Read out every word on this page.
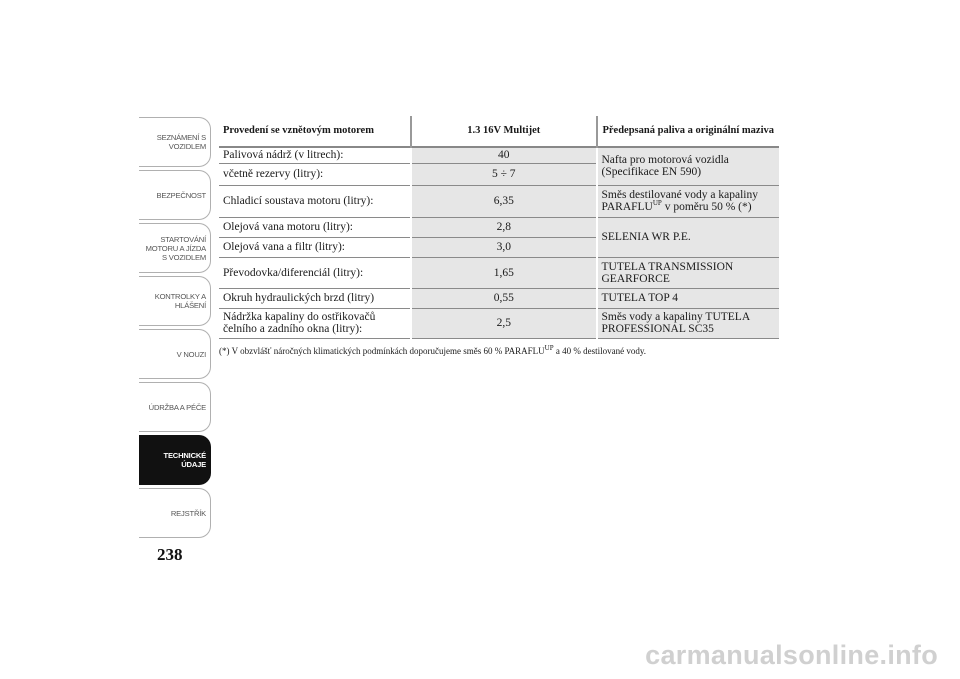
SEZNÁMENÍ S
VOZIDLEM
BEZPEČNOST
STARTOVÁNÍ
MOTORU A JÍZDA
S VOZIDLEM
KONTROLKY A
HLÁŠENÍ
V NOUZI
ÚDRŽBA A PÉČE
TECHNICKÉ
ÚDAJE
REJSTŘÍK
238
Provedení se vznětovým motorem	1.3 16V Multijet	Předepsaná paliva a originální maziva
Palivová nádrž (v litrech):	40	Nafta pro motorová vozidla
(Specifikace EN 590)
včetně rezervy (litry):	5 ÷ 7	
Chladicí soustava motoru (litry):	6,35	Směs destilované vody a kapaliny
$PARAFLU^{UP}$ v poměru 50 % (*)
Olejová vana motoru (litry):	2,8	SELENIA WR P.E.
Olejová vana a filtr (litry):	3,0	
Převodovka/diferenciál (litry):	1,65	TUTELA TRANSMISSION GEARFORCE
Okruh hydraulických brzd (litry)	0,55	TUTELA TOP 4
Nádržka kapaliny do ostřikovačů čelního a zadního okna (litry):	2,5	Směs vody a kapaliny TUTELA PROFESSIONAL SC35
(*) V obzvlášť náročných klimatických podmínkách doporučujeme směs 60 % $PARAFLU^{UP}$ a 40 % destilované vody.
carmanualsonline.info
